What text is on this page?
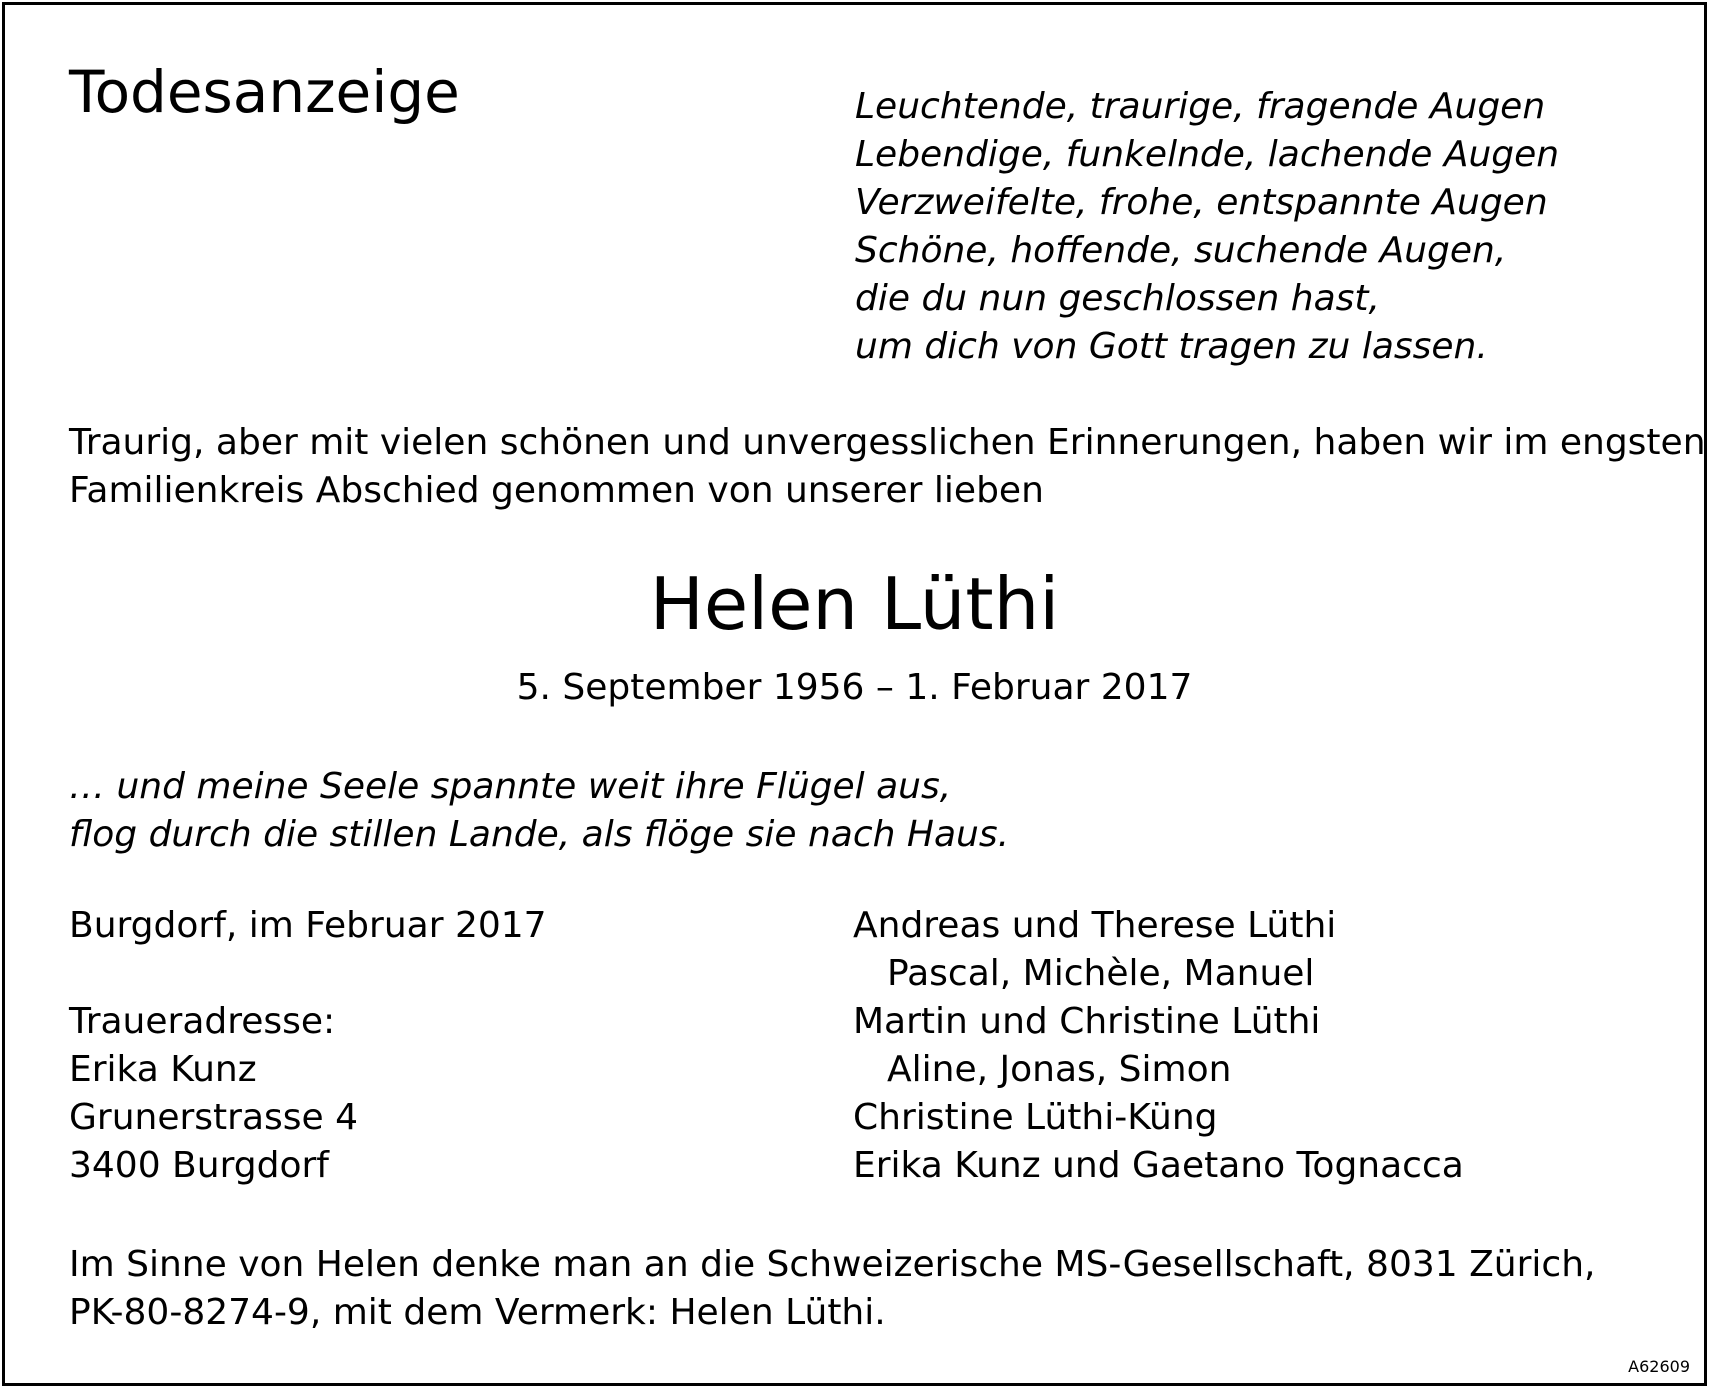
Todesanzeige	Leuchtende, traurige, fragende Augen
Lebendige, funkelnde, lachende Augen
Verzweifelte, frohe, entspannte Augen
Schöne, hoffende, suchende Augen,
die du nun geschlossen hast,
um dich von Gott tragen zu lassen.
Traurig, aber mit vielen schönen und unvergesslichen Erinnerungen, haben wir im engsten
Familienkreis Abschied genommen von unserer lieben
Helen Lüthi
5. September 1956 – 1. Februar 2017
… und meine Seele spannte weit ihre Flügel aus,
flog durch die stillen Lande, als flöge sie nach Haus.
Burgdorf, im Februar 2017
Traueradresse:
Erika Kunz
Grunerstrasse 4
3400 Burgdorf
Andreas und Therese Lüthi
Pascal, Michèle, Manuel
Martin und Christine Lüthi
Aline, Jonas, Simon
Christine Lüthi-Küng
Erika Kunz und Gaetano Tognacca
Im Sinne von Helen denke man an die Schweizerische MS-Gesellschaft, 8031 Zürich,
PK-80-8274-9, mit dem Vermerk: Helen Lüthi.
A62609
